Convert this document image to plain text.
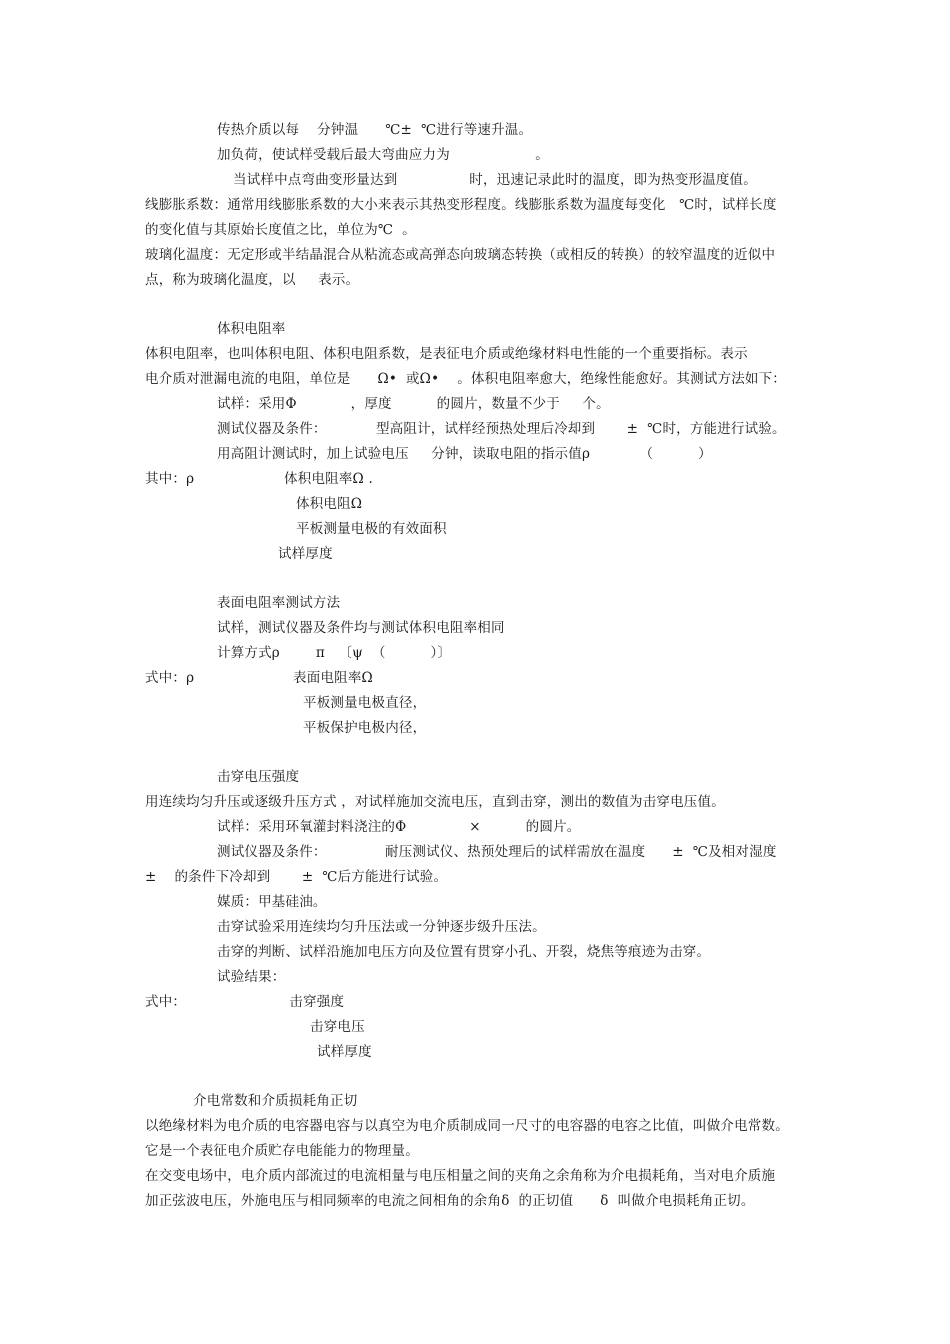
传热介质以每    分钟温      ℃±  ℃进行等速升温。
加负荷，使试样受载后最大弯曲应力为                   。
当试样中点弯曲变形量达到                时，迅速记录此时的温度，即为热变形温度值。
线膨胀系数：通常用线膨胀系数的大小来表示其热变形程度。线膨胀系数为温度每变化   ℃时，试样长度
的变化值与其原始长度值之比，单位为℃  。
玻璃化温度：无定形或半结晶混合从粘流态或高弹态向玻璃态转换（或相反的转换）的较窄温度的近似中
点，称为玻璃化温度，以     表示。
体积电阻率
体积电阻率，也叫体积电阻、体积电阻系数，是表征电介质或绝缘材料电性能的一个重要指标。表示
电介质对泄漏电流的电阻，单位是      Ω•  或Ω•    。体积电阻率愈大，绝缘性能愈好。其测试方法如下：
试样：采用Φ            ，厚度          的圆片，数量不少于     个。
测试仪器及条件：           型高阻计，试样经预热处理后冷却到       ±  ℃时，方能进行试验。
用高阻计测试时，加上试验电压     分钟，读取电阻的指示值ρ           （          ）
其中：ρ                    体积电阻率Ω .
体积电阻Ω
平板测量电极的有效面积
试样厚度
表面电阻率测试方法
试样，测试仪器及条件均与测试体积电阻率相同
计算方式ρ        π   〔ψ  （          ）〕
式中：ρ                      表面电阻率Ω
平板测量电极直径，
平板保护电极内径，
击穿电压强度
用连续均匀升压或逐级升压方式 ，对试样施加交流电压，直到击穿，测出的数值为击穿电压值。
试样：采用环氧灌封料浇注的Φ              ×          的圆片。
测试仪器及条件：             耐压测试仪、热预处理后的试样需放在温度      ±  ℃及相对湿度
±    的条件下冷却到       ±  ℃后方能进行试验。
媒质：甲基硅油。
击穿试验采用连续均匀升压法或一分钟逐步级升压法。
击穿的判断、试样沿施加电压方向及位置有贯穿小孔、开裂，烧焦等痕迹为击穿。
试验结果：
式中：                       击穿强度
击穿电压
试样厚度
介电常数和介质损耗角正切
以绝缘材料为电介质的电容器电容与以真空为电介质制成同一尺寸的电容器的电容之比值，叫做介电常数。
它是一个表征电介质贮存电能能力的物理量。
在交变电场中，电介质内部流过的电流相量与电压相量之间的夹角之余角称为介电损耗角，当对电介质施
加正弦波电压，外施电压与相同频率的电流之间相角的余角δ  的正切值      δ  叫做介电损耗角正切。
